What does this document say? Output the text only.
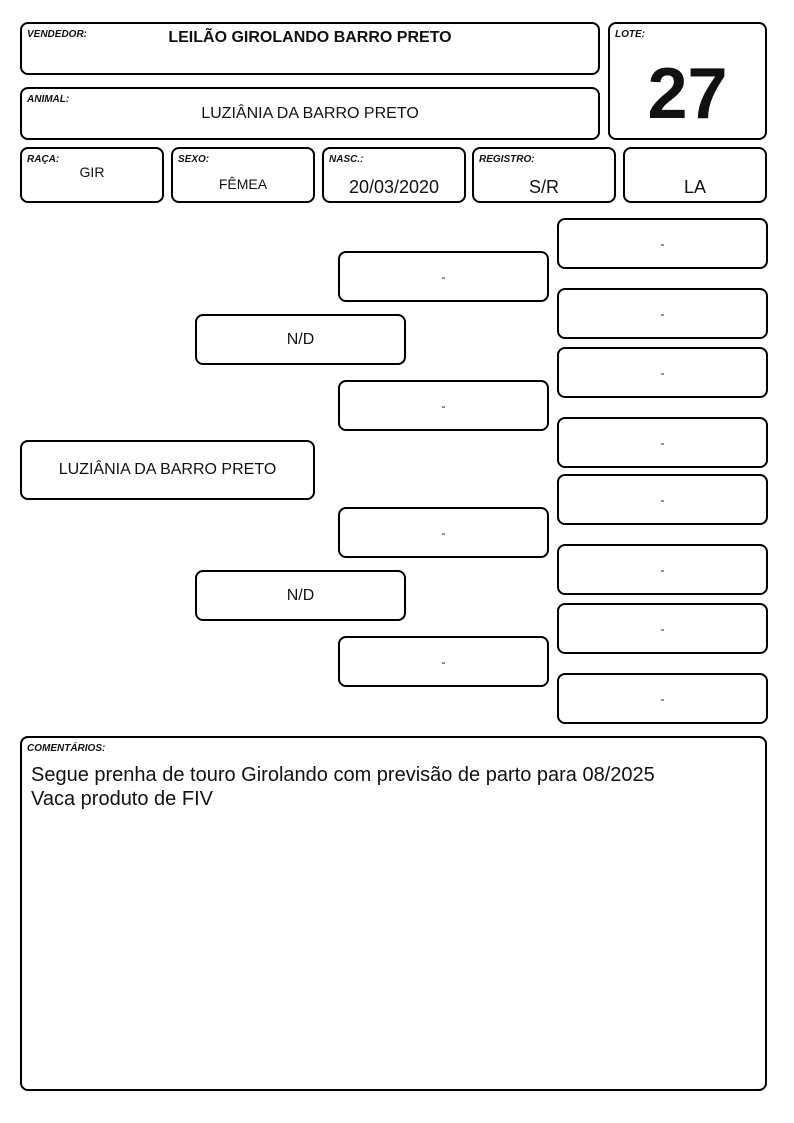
VENDEDOR:	LEILÃO GIROLANDO BARRO PRETO
ANIMAL:
LUZIÂNIA DA BARRO PRETO
LOTE:
27
RAÇA:
GIR
SEXO:
FÊMEA
NASC.:
20/03/2020
REGISTRO:
S/R	LA
LUZIÂNIA DA BARRO PRETO
N/D
N/D
-
-
-
-
-
-
-
-
-
-
-
-
COMENTÁRIOS:
Segue prenha de touro Girolando com previsão de parto para 08/2025
Vaca produto de FIV
